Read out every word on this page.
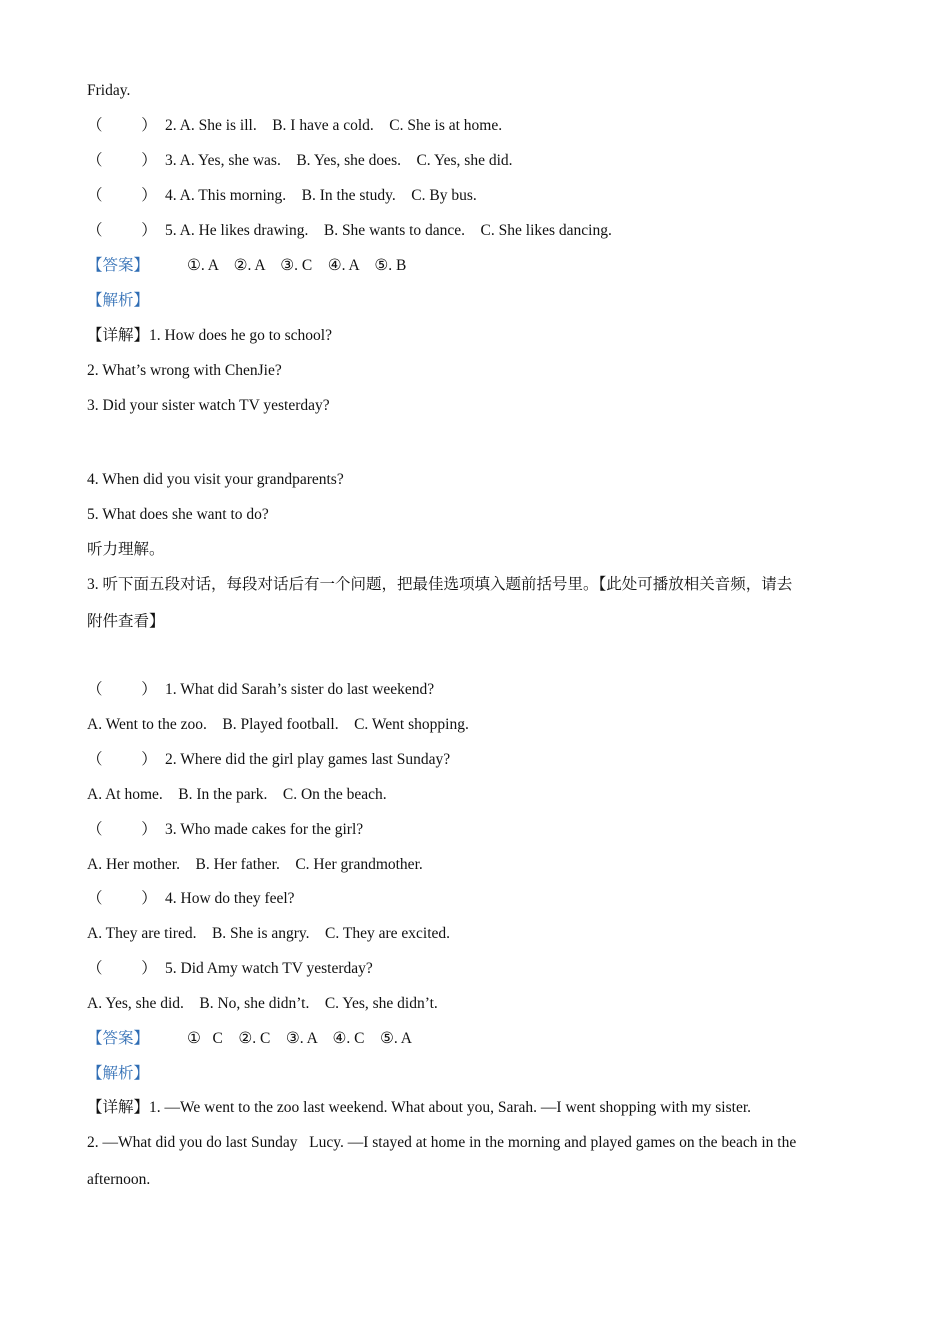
Friday.
（          ） 2. A. She is ill.    B. I have a cold.    C. She is at home.
（          ） 3. A. Yes, she was.    B. Yes, she does.    C. Yes, she did.
（          ） 4. A. This morning.    B. In the study.    C. By bus.
（          ） 5. A. He likes drawing.    B. She wants to dance.    C. She likes dancing.
【答案】 ①. A    ②. A    ③. C    ④. A    ⑤. B
【解析】
【详解】1. How does he go to school?
2. What’s wrong with ChenJie?
3. Did your sister watch TV yesterday?
4. When did you visit your grandparents?
5. What does she want to do?
听力理解。
3. 听下面五段对话，每段对话后有一个问题，把最佳选项填入题前括号里。【此处可播放相关音频，请去
附件查看】
（          ） 1. What did Sarah’s sister do last weekend?
A. Went to the zoo.    B. Played football.    C. Went shopping.
（          ） 2. Where did the girl play games last Sunday?
A. At home.    B. In the park.    C. On the beach.
（          ） 3. Who made cakes for the girl?
A. Her mother.    B. Her father.    C. Her grandmother.
（          ） 4. How do they feel?
A. They are tired.    B. She is angry.    C. They are excited.
（          ） 5. Did Amy watch TV yesterday?
A. Yes, she did.    B. No, she didn’t.    C. Yes, she didn’t.
【答案】 ①   C    ②. C    ③. A    ④. C    ⑤. A
【解析】
【详解】1. —We went to the zoo last weekend. What about you, Sarah. —I went shopping with my sister.
2. —What did you do last Sunday   Lucy. —I stayed at home in the morning and played games on the beach in the
afternoon.
